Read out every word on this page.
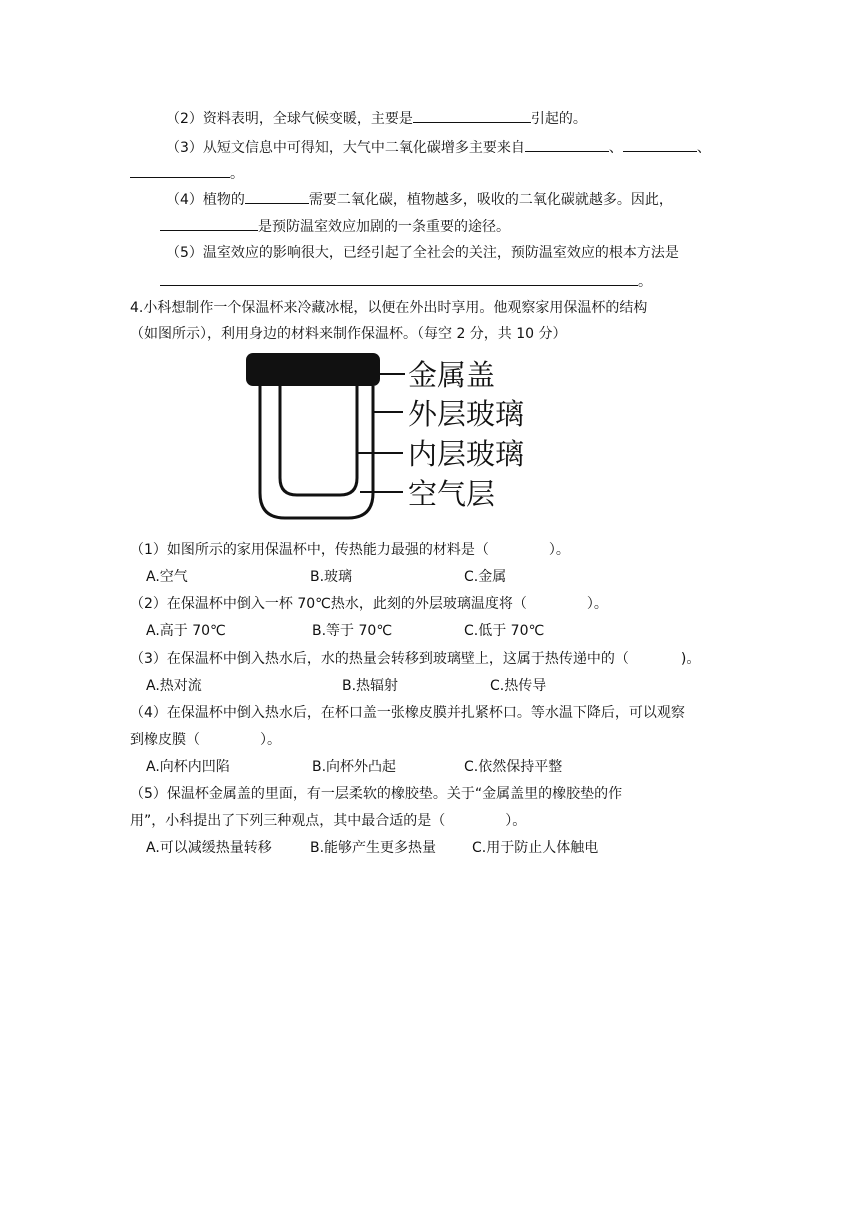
（2）资料表明，全球气候变暖，主要是	引起的。
（3）从短文信息中可得知，大气中二氧化碳增多主要来自	、	、
。
（4）植物的	需要二氧化碳，植物越多，吸收的二氧化碳就越多。因此，
是预防温室效应加剧的一条重要的途径。
（5）温室效应的影响很大，已经引起了全社会的关注，预防温室效应的根本方法是
。
4.小科想制作一个保温杯来冷藏冰棍，以便在外出时享用。他观察家用保温杯的结构
（如图所示），利用身边的材料来制作保温杯。（每空 2 分，共 10 分）
金属盖
外层玻璃
内层玻璃
空气层
（1）如图所示的家用保温杯中，传热能力最强的材料是（	）。
A.空气	B.玻璃	C.金属
（2）在保温杯中倒入一杯 70℃热水，此刻的外层玻璃温度将（	）。
A.高于 70℃	B.等于 70℃	C.低于 70℃
（3）在保温杯中倒入热水后，水的热量会转移到玻璃壁上，这属于热传递中的（	)。
A.热对流	B.热辐射	C.热传导
（4）在保温杯中倒入热水后，在杯口盖一张橡皮膜并扎紧杯口。等水温下降后，可以观察
到橡皮膜（	）。
A.向杯内凹陷	B.向杯外凸起	C.依然保持平整
（5）保温杯金属盖的里面，有一层柔软的橡胶垫。关于“金属盖里的橡胶垫的作
用”，小科提出了下列三种观点，其中最合适的是（	）。
A.可以减缓热量转移	B.能够产生更多热量	C.用于防止人体触电
